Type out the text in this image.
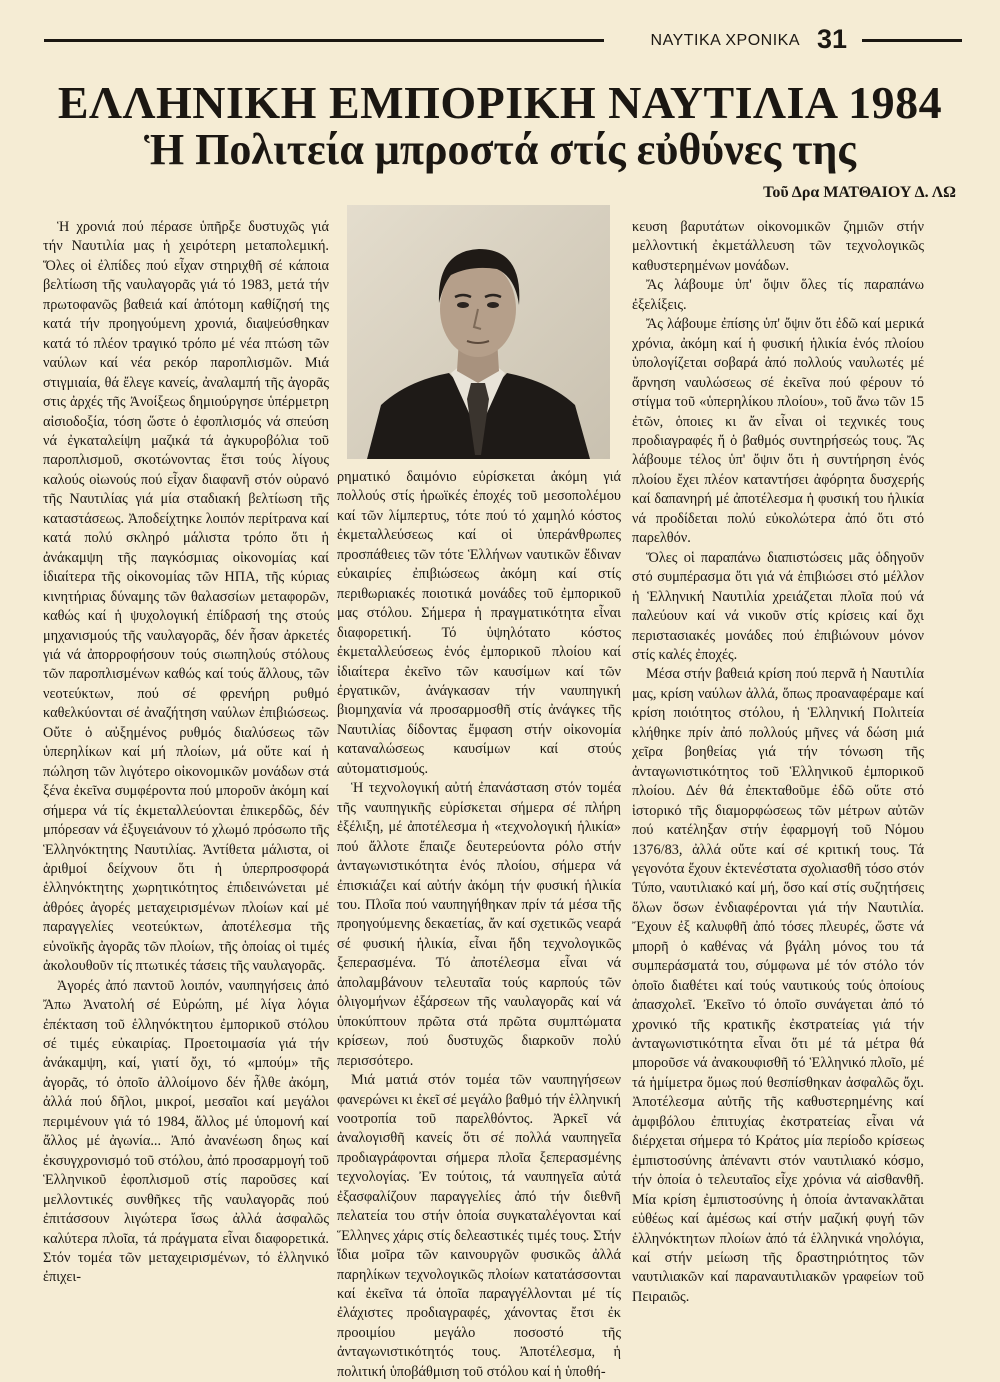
ΝΑΥΤΙΚΑ ΧΡΟΝΙΚΑ 31
ΕΛΛΗΝΙΚΗ ΕΜΠΟΡΙΚΗ ΝΑΥΤΙΛΙΑ 1984
Ἡ Πολιτεία μπροστά στίς εὐθύνες της
Τοῦ Δρα ΜΑΤΘΑΙΟΥ Δ. ΛΩ

Ἡ χρονιά πού πέρασε ὑπῆρξε δυστυχῶς γιά τήν Ναυτιλία μας ἡ χειρότερη μεταπολεμική. Ὅλες οἱ ἐλπίδες πού εἶχαν στηριχθῆ σέ κάποια βελτίωση τῆς ναυλαγορᾶς γιά τό 1983, μετά τήν πρωτοφανῶς βαθειά καί ἀπότομη καθίζησή της κατά τήν προηγούμενη χρονιά, διαψεύσθηκαν κατά τό πλέον τραγικό τρόπο μέ νέα πτώση τῶν ναύλων καί νέα ρεκόρ παροπλισμῶν. Μιά στιγμιαία, θά ἔλεγε κανείς, ἀναλαμπή τῆς ἀγορᾶς στις ἀρχές τῆς Ἀνοίξεως δημιούργησε ὑπέρμετρη αἰσιοδοξία, τόση ὥστε ὁ ἐφοπλισμός νά σπεύση νά ἐγκαταλείψη μαζικά τά ἀγκυροβόλια τοῦ παροπλισμοῦ, σκοτώνοντας ἔτσι τούς λίγους καλούς οἰωνούς πού εἶχαν διαφανῆ στόν οὐρανό τῆς Ναυτιλίας γιά μία σταδιακή βελτίωση τῆς καταστάσεως. Ἀποδείχτηκε λοιπόν περίτρανα καί κατά πολύ σκληρό μάλιστα τρόπο ὅτι ἡ ἀνάκαμψη τῆς παγκόσμιας οἰκονομίας καί ἰδιαίτερα τῆς οἰκονομίας τῶν ΗΠΑ, τῆς κύριας κινητήριας δύναμης τῶν θαλασσίων μεταφορῶν, καθώς καί ἡ ψυχολογική ἐπίδρασή της στούς μηχανισμούς τῆς ναυλαγορᾶς, δέν ἦσαν ἀρκετές γιά νά ἀπορροφήσουν τούς σιωπηλούς στόλους τῶν παροπλισμένων καθώς καί τούς ἄλλους, τῶν νεοτεύκτων, πού σέ φρενήρη ρυθμό καθελκύονται σέ ἀναζήτηση ναύλων ἐπιβιώσεως. Οὔτε ὁ αὐξημένος ρυθμός διαλύσεως τῶν ὑπερηλίκων καί μή πλοίων, μά οὔτε καί ἡ πώληση τῶν λιγότερο οἰκονομικῶν μονάδων στά ξένα ἐκεῖνα συμφέροντα πού μποροῦν ἀκόμη καί σήμερα νά τίς ἐκμεταλλεύονται ἐπικερδῶς, δέν μπόρεσαν νά ἐξυγειάνουν τό χλωμό πρόσωπο τῆς Ἑλληνόκτητης Ναυτιλίας. Ἀντίθετα μάλιστα, οἱ ἀριθμοί δείχνουν ὅτι ἡ ὑπερπροσφορά ἑλληνόκτητης χωρητικότητος ἐπιδεινώνεται μέ ἀθρόες ἀγορές μεταχειρισμένων πλοίων καί μέ παραγγελίες νεοτεύκτων, ἀποτέλεσμα τῆς εὐνοϊκῆς ἀγορᾶς τῶν πλοίων, τῆς ὁποίας οἱ τιμές ἀκολουθοῦν τίς πτωτικές τάσεις τῆς ναυλαγορᾶς.

Ἀγορές ἀπό παντοῦ λοιπόν, ναυπηγήσεις ἀπό Ἄπω Ἀνατολή σέ Εὐρώπη, μέ λίγα λόγια ἐπέκταση τοῦ ἑλληνόκτητου ἐμπορικοῦ στόλου σέ τιμές εὐκαιρίας. Προετοιμασία γιά τήν ἀνάκαμψη, καί, γιατί ὄχι, τό «μπούμ» τῆς ἀγορᾶς, τό ὁποῖο ἀλλοίμονο δέν ἦλθε ἀκόμη, ἀλλά πού δῆλοι, μικροί, μεσαῖοι καί μεγάλοι περιμένουν γιά τό 1984, ἄλλος μέ ὑπομονή καί ἄλλος μέ ἀγωνία... Ἀπό ἀνανέωση δηως καί ἐκσυγχρονισμό τοῦ στόλου, ἀπό προσαρμογή τοῦ Ἑλληνικοῦ ἐφοπλισμοῦ στίς παροῦσες καί μελλοντικές συνθῆκες τῆς ναυλαγορᾶς πού ἐπιτάσσουν λιγώτερα ἴσως ἀλλά ἀσφαλῶς καλύτερα πλοῖα, τά πράγματα εἶναι διαφορετικά. Στόν τομέα τῶν μεταχειρισμένων, τό ἑλληνικό ἐπιχει-

ρηματικό δαιμόνιο εὑρίσκεται ἀκόμη γιά πολλούς στίς ἡρωϊκές ἐποχές τοῦ μεσοπολέμου καί τῶν λίμπερτυς, τότε πού τό χαμηλό κόστος ἐκμεταλλεύσεως καί οἱ ὑπεράνθρωπες προσπάθειες τῶν τότε Ἑλλήνων ναυτικῶν ἔδιναν εὐκαιρίες ἐπιβιώσεως ἀκόμη καί στίς περιθωριακές ποιοτικά μονάδες τοῦ ἐμπορικοῦ μας στόλου. Σήμερα ἡ πραγματικότητα εἶναι διαφορετική. Τό ὑψηλότατο κόστος ἐκμεταλλεύσεως ἑνός ἐμπορικοῦ πλοίου καί ἰδιαίτερα ἐκεῖνο τῶν καυσίμων καί τῶν ἐργατικῶν, ἀνάγκασαν τήν ναυπηγική βιομηχανία νά προσαρμοσθῆ στίς ἀνάγκες τῆς Ναυτιλίας δίδοντας ἔμφαση στήν οἰκονομία καταναλώσεως καυσίμων καί στούς αὐτοματισμούς.

Ἡ τεχνολογική αὐτή ἐπανάσταση στόν τομέα τῆς ναυπηγικῆς εὑρίσκεται σήμερα σέ πλήρη ἐξέλιξη, μέ ἀποτέλεσμα ἡ «τεχνολογική ἡλικία» πού ἄλλοτε ἔπαιζε δευτερεύοντα ρόλο στήν ἀνταγωνιστικότητα ἑνός πλοίου, σήμερα νά ἐπισκιάζει καί αὐτήν ἀκόμη τήν φυσική ἡλικία του. Πλοῖα πού ναυπηγήθηκαν πρίν τά μέσα τῆς προηγούμενης δεκαετίας, ἄν καί σχετικῶς νεαρά σέ φυσική ἡλικία, εἶναι ἤδη τεχνολογικῶς ξεπερασμένα. Τό ἀποτέλεσμα εἶναι νά ἀπολαμβάνουν τελευταῖα τούς καρπούς τῶν ὀλιγομήνων ἐξάρσεων τῆς ναυλαγορᾶς καί νά ὑποκύπτουν πρῶτα στά πρῶτα συμπτώματα κρίσεων, πού δυστυχῶς διαρκοῦν πολύ περισσότερο.

Μιά ματιά στόν τομέα τῶν ναυπηγήσεων φανερώνει κι ἐκεῖ σέ μεγάλο βαθμό τήν ἑλληνική νοοτροπία τοῦ παρελθόντος. Ἀρκεῖ νά ἀναλογισθῆ κανείς ὅτι σέ πολλά ναυπηγεῖα προδιαγράφονται σήμερα πλοῖα ξεπερασμένης τεχνολογίας. Ἐν τούτοις, τά ναυπηγεῖα αὐτά ἐξασφαλίζουν παραγγελίες ἀπό τήν διεθνῆ πελατεία του στήν ὁποία συγκαταλέγονται καί Ἕλληνες χάρις στίς δελεαστικές τιμές τους. Στήν ἴδια μοῖρα τῶν καινουργῶν φυσικῶς ἀλλά παρηλίκων τεχνολογικῶς πλοίων κατατάσσονται καί ἐκεῖνα τά ὁποῖα παραγγέλλονται μέ τίς ἐλάχιστες προδιαγραφές, χάνοντας ἔτσι ἐκ προοιμίου μεγάλο ποσοστό τῆς ἀνταγωνιστικότητός τους. Ἀποτέλεσμα, ἡ πολιτική ὑποβάθμιση τοῦ στόλου καί ἡ ὑποθή-

κευση βαρυτάτων οἰκονομικῶν ζημιῶν στήν μελλοντική ἐκμετάλλευση τῶν τεχνολογικῶς καθυστερημένων μονάδων.

Ἄς λάβουμε ὑπ' ὄψιν ὅλες τίς παραπάνω ἐξελίξεις.

Ἄς λάβουμε ἐπίσης ὑπ' ὄψιν ὅτι ἐδῶ καί μερικά χρόνια, ἀκόμη καί ἡ φυσική ἡλικία ἑνός πλοίου ὑπολογίζεται σοβαρά ἀπό πολλούς ναυλωτές μέ ἄρνηση ναυλώσεως σέ ἐκεῖνα πού φέρουν τό στίγμα τοῦ «ὑπερηλίκου πλοίου», τοῦ ἄνω τῶν 15 ἐτῶν, ὁποιες κι ἄν εἶναι οἱ τεχνικές τους προδιαγραφές ἤ ὁ βαθμός συντηρήσεώς τους. Ἄς λάβουμε τέλος ὑπ' ὄψιν ὅτι ἡ συντήρηση ἑνός πλοίου ἔχει πλέον καταντήσει ἀφόρητα δυσχερής καί δαπανηρή μέ ἀποτέλεσμα ἡ φυσική του ἡλικία νά προδίδεται πολύ εὐκολώτερα ἀπό ὅτι στό παρελθόν.

Ὅλες οἱ παραπάνω διαπιστώσεις μᾶς ὁδηγοῦν στό συμπέρασμα ὅτι γιά νά ἐπιβιώσει στό μέλλον ἡ Ἑλληνική Ναυτιλία χρειάζεται πλοῖα πού νά παλεύουν καί νά νικοῦν στίς κρίσεις καί ὄχι περιστασιακές μονάδες πού ἐπιβιώνουν μόνον στίς καλές ἐποχές.

Μέσα στήν βαθειά κρίση πού περνᾶ ἡ Ναυτιλία μας, κρίση ναύλων ἀλλά, ὅπως προαναφέραμε καί κρίση ποιότητος στόλου, ἡ Ἑλληνική Πολιτεία κλήθηκε πρίν ἀπό πολλούς μῆνες νά δώση μιά χεῖρα βοηθείας γιά τήν τόνωση τῆς ἀνταγωνιστικότητος τοῦ Ἑλληνικοῦ ἐμπορικοῦ πλοίου. Δέν θά ἐπεκταθοῦμε ἐδῶ οὔτε στό ἱστορικό τῆς διαμορφώσεως τῶν μέτρων αὐτῶν πού κατέληξαν στήν ἐφαρμογή τοῦ Νόμου 1376/83, ἀλλά οὔτε καί σέ κριτική τους. Τά γεγονότα ἔχουν ἐκτενέστατα σχολιασθῆ τόσο στόν Τύπο, ναυτιλιακό καί μή, ὅσο καί στίς συζητήσεις ὅλων ὅσων ἐνδιαφέρονται γιά τήν Ναυτιλία. Ἔχουν ἐξ καλυφθῆ ἀπό τόσες πλευρές, ὥστε νά μπορῆ ὁ καθένας νά βγάλη μόνος του τά συμπεράσματά του, σύμφωνα μέ τόν στόλο τόν ὁποῖο διαθέτει καί τούς ναυτικούς τούς ὁποίους ἀπασχολεῖ. Ἐκεῖνο τό ὁποῖο συνάγεται ἀπό τό χρονικό τῆς κρατικῆς ἐκστρατείας γιά τήν ἀνταγωνιστικότητα εἶναι ὅτι μέ τά μέτρα θά μποροῦσε νά ἀνακουφισθῆ τό Ἑλληνικό πλοῖο, μέ τά ἡμίμετρα ὅμως πού θεσπίσθηκαν ἀσφαλῶς ὄχι. Ἀποτέλεσμα αὐτῆς τῆς καθυστερημένης καί ἀμφιβόλου ἐπιτυχίας ἐκστρατείας εἶναι νά διέρχεται σήμερα τό Κράτος μία περίοδο κρίσεως ἐμπιστοσύνης ἀπέναντι στόν ναυτιλιακό κόσμο, τήν ὁποία ὁ τελευταῖος εἶχε χρόνια νά αἰσθανθῆ. Μία κρίση ἐμπιστοσύνης ἡ ὁποία ἀντανακλᾶται εὐθέως καί ἀμέσως καί στήν μαζική φυγή τῶν ἑλληνόκτητων πλοίων ἀπό τά ἑλληνικά νηολόγια, καί στήν μείωση τῆς δραστηριότητος τῶν ναυτιλιακῶν καί παραναυτιλιακῶν γραφείων τοῦ Πειραιῶς.
